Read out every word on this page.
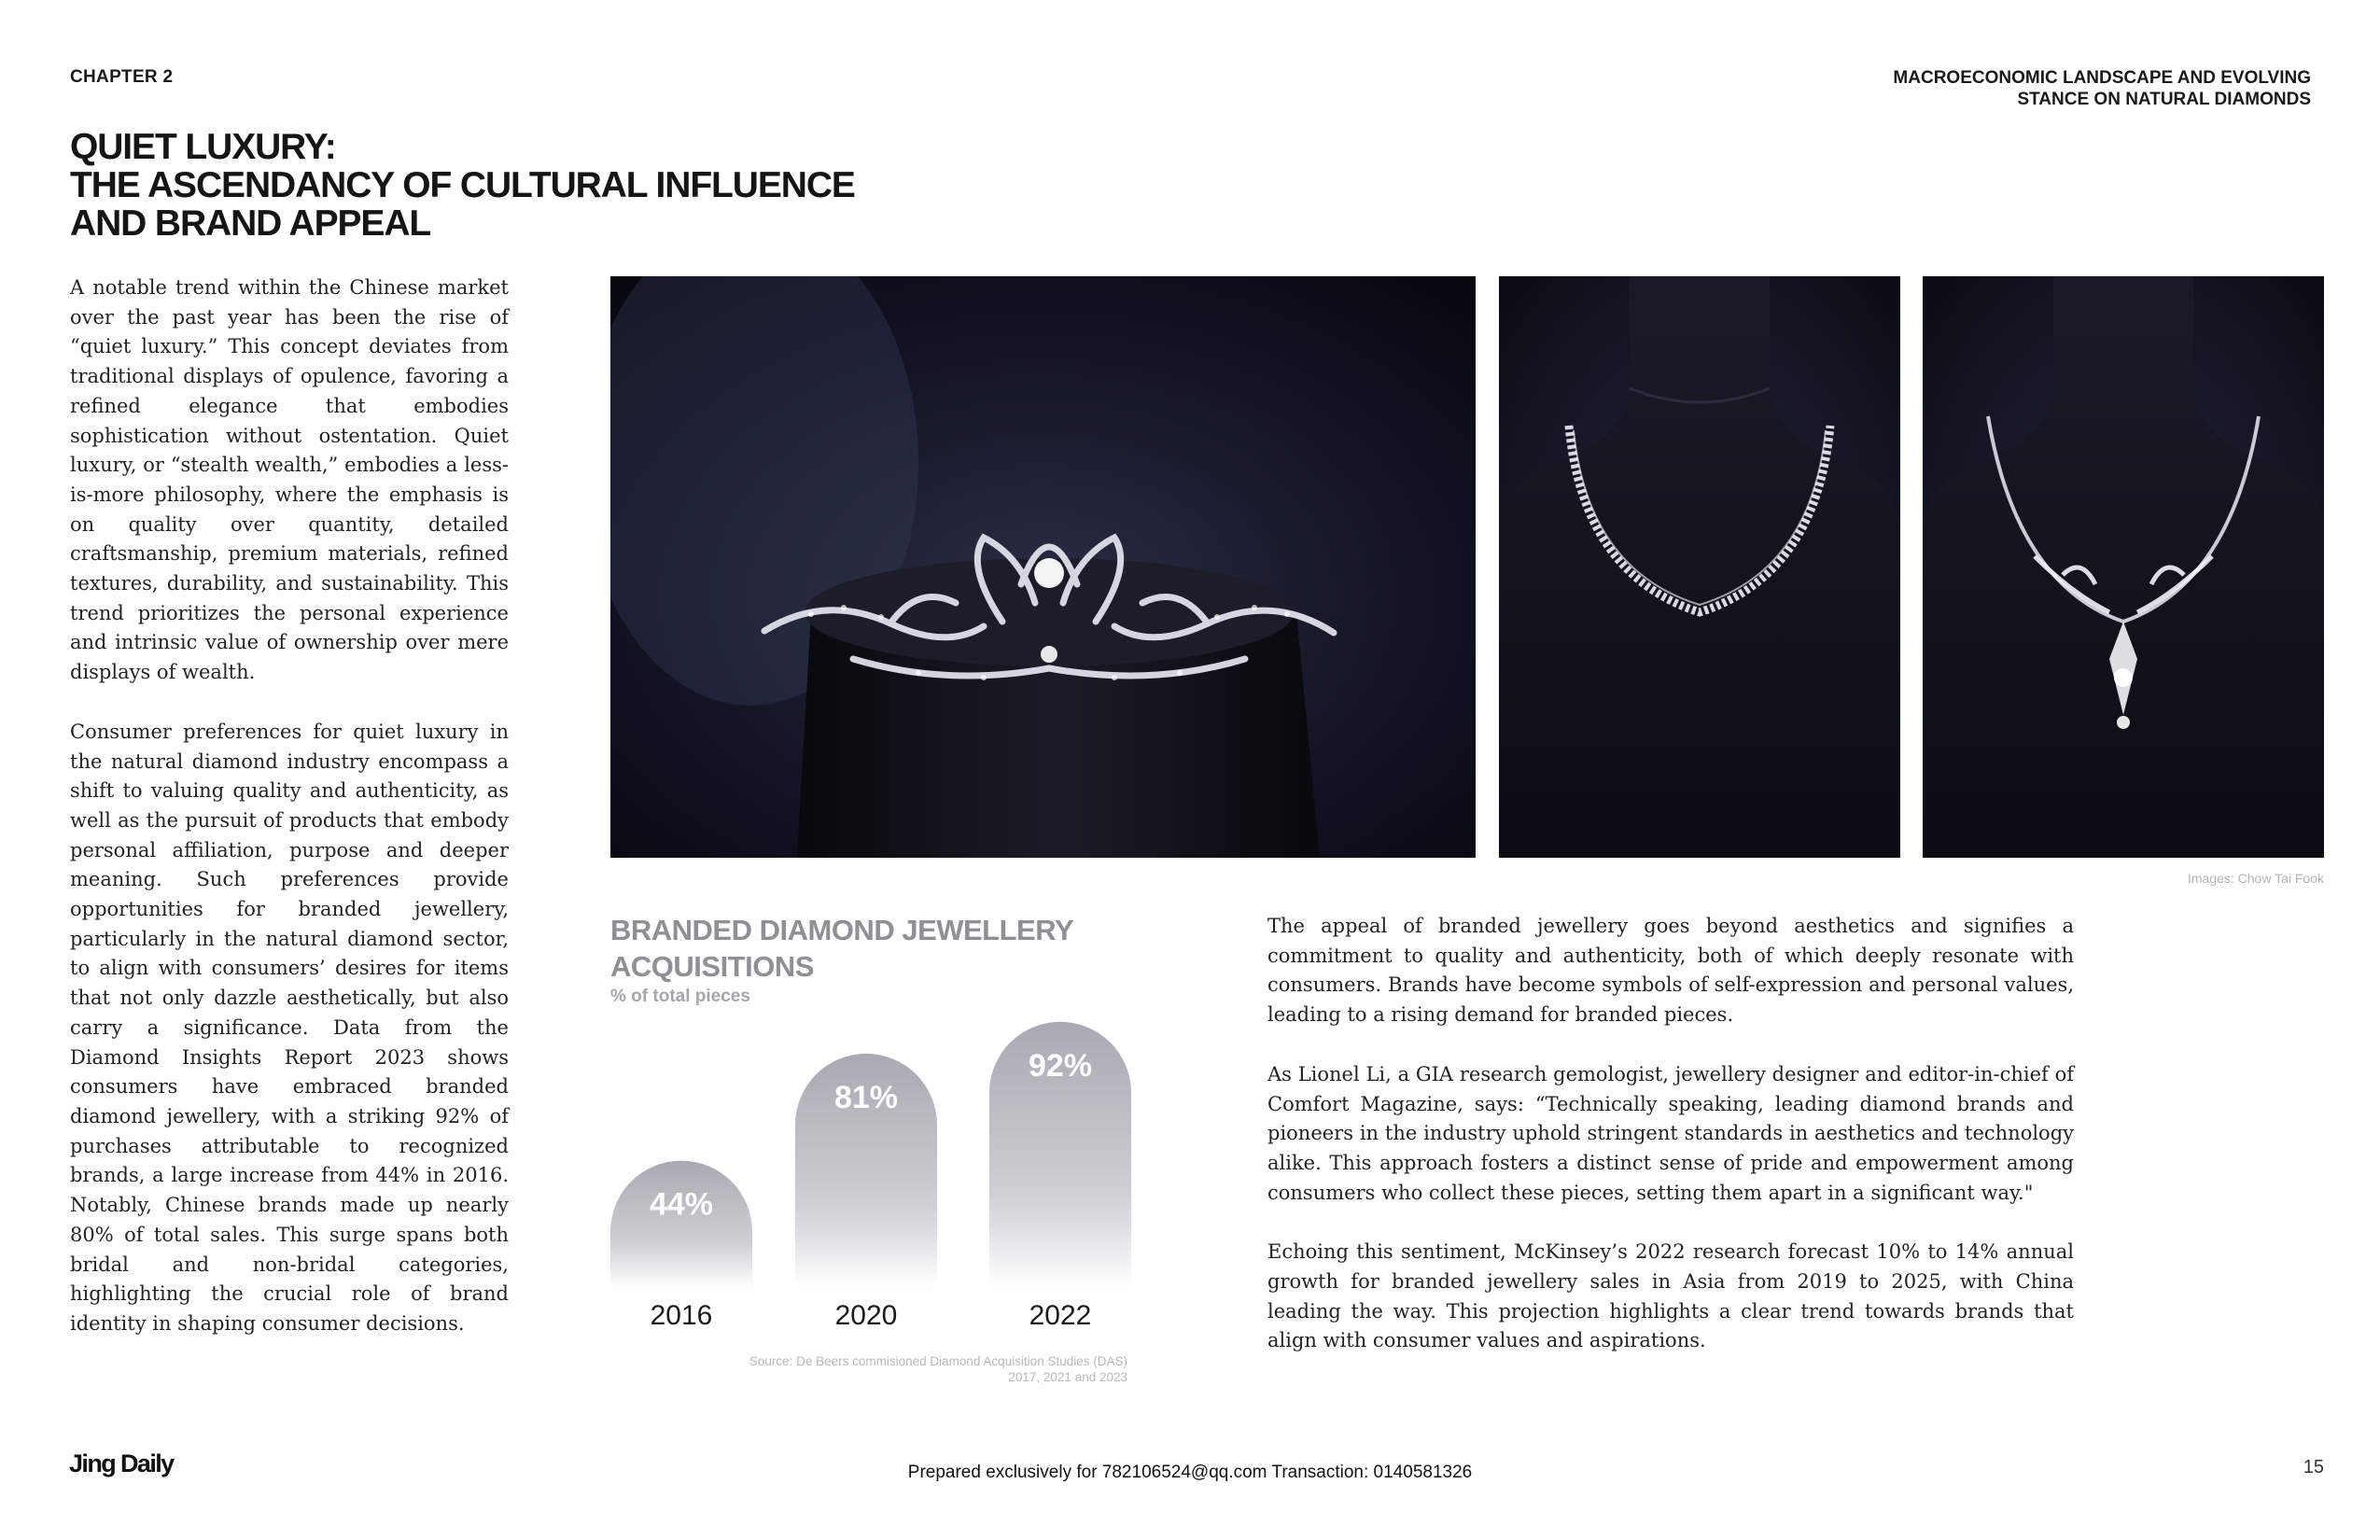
CHAPTER 2	MACROECONOMIC LANDSCAPE AND EVOLVING
STANCE ON NATURAL DIAMONDS
QUIET LUXURY:
THE ASCENDANCY OF CULTURAL INFLUENCE
AND BRAND APPEAL

A notable trend within the Chinese market over the past year has been the rise of “quiet luxury.” This concept deviates from traditional displays of opulence, favoring a refined elegance that embodies sophistication without ostentation. Quiet luxury, or “stealth wealth,” embodies a less-is-more philosophy, where the emphasis is on quality over quantity, detailed craftsmanship, premium materials, refined textures, durability, and sustainability. This trend prioritizes the personal experience and intrinsic value of ownership over mere displays of wealth.

Consumer preferences for quiet luxury in the natural diamond industry encompass a shift to valuing quality and authenticity, as well as the pursuit of products that embody personal affiliation, purpose and deeper meaning. Such preferences provide opportunities for branded jewellery, particularly in the natural diamond sector, to align with consumers’ desires for items that not only dazzle aesthetically, but also carry a significance. Data from the Diamond Insights Report 2023 shows consumers have embraced branded diamond jewellery, with a striking 92% of purchases attributable to recognized brands, a large increase from 44% in 2016. Notably, Chinese brands made up nearly 80% of total sales. This surge spans both bridal and non-bridal categories, highlighting the crucial role of brand identity in shaping consumer decisions.

Images: Chow Tai Fook
BRANDED DIAMOND JEWELLERY
ACQUISITIONS
% of total pieces
44%
2016
81%
2020
92%
2022
Source: De Beers commisioned Diamond Acquisition Studies (DAS)
2017, 2021 and 2023

The appeal of branded jewellery goes beyond aesthetics and signifies a commitment to quality and authenticity, both of which deeply resonate with consumers. Brands have become symbols of self-expression and personal values, leading to a rising demand for branded pieces.

As Lionel Li, a GIA research gemologist, jewellery designer and editor-in-chief of Comfort Magazine, says: “Technically speaking, leading diamond brands and pioneers in the industry uphold stringent standards in aesthetics and technology alike. This approach fosters a distinct sense of pride and empowerment among consumers who collect these pieces, setting them apart in a significant way."

Echoing this sentiment, McKinsey’s 2022 research forecast 10% to 14% annual growth for branded jewellery sales in Asia from 2019 to 2025, with China leading the way. This projection highlights a clear trend towards brands that align with consumer values and aspirations.

Jing Daily	Prepared exclusively for 782106524@qq.com Transaction: 0140581326	15
